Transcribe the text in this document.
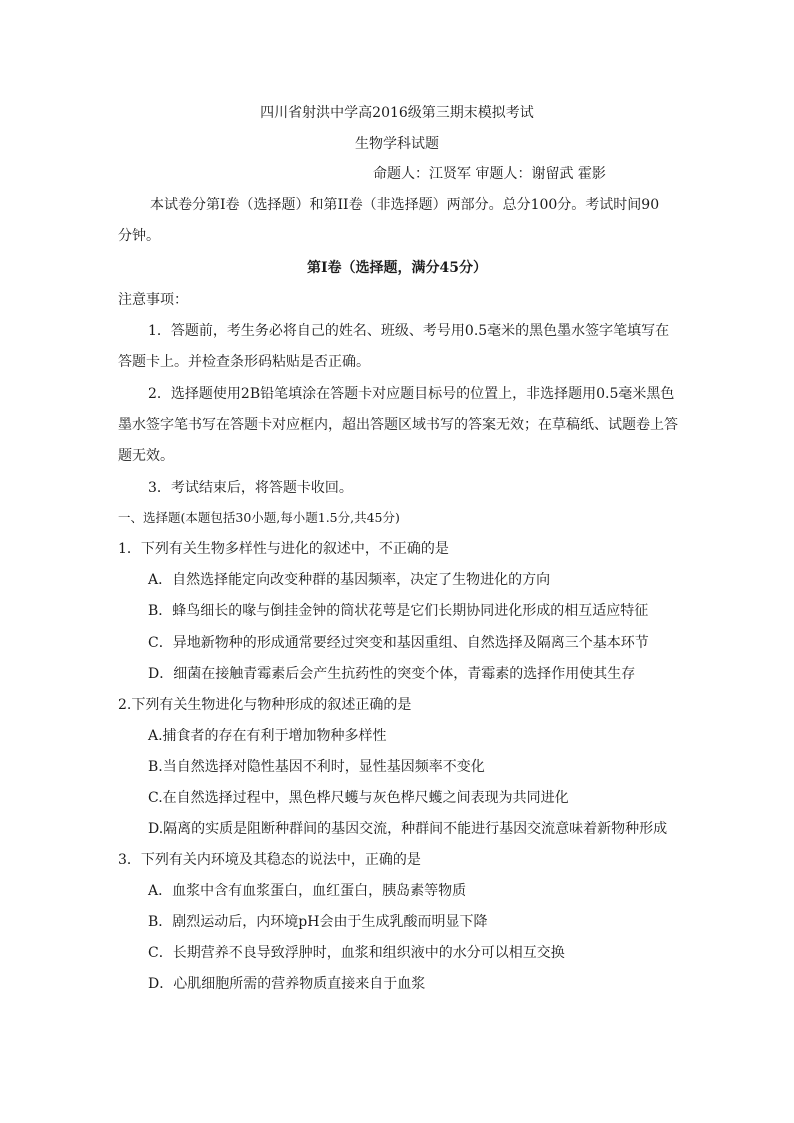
四川省射洪中学高2016级第三期末模拟考试
生物学科试题
命题人：江贤军 审题人：谢留武 霍影
本试卷分第Ⅰ卷（选择题）和第II卷（非选择题）两部分。总分100分。考试时间90
分钟。
第Ⅰ卷（选择题，满分45分）
注意事项：
1．答题前，考生务必将自己的姓名、班级、考号用0.5毫米的黑色墨水签字笔填写在
答题卡上。并检查条形码粘贴是否正确。
2．选择题使用2B铅笔填涂在答题卡对应题目标号的位置上，非选择题用0.5毫米黑色
墨水签字笔书写在答题卡对应框内，超出答题区域书写的答案无效；在草稿纸、试题卷上答
题无效。
3．考试结束后，将答题卡收回。
一、选择题(本题包括30小题,每小题1.5分,共45分)
1．下列有关生物多样性与进化的叙述中，不正确的是
A．自然选择能定向改变种群的基因频率，决定了生物进化的方向
B．蜂鸟细长的喙与倒挂金钟的筒状花萼是它们长期协同进化形成的相互适应特征
C．异地新物种的形成通常要经过突变和基因重组、自然选择及隔离三个基本环节
D．细菌在接触青霉素后会产生抗药性的突变个体，青霉素的选择作用使其生存
2.下列有关生物进化与物种形成的叙述正确的是
A.捕食者的存在有利于增加物种多样性
B.当自然选择对隐性基因不利时，显性基因频率不变化
C.在自然选择过程中，黑色桦尺蠖与灰色桦尺蠖之间表现为共同进化
D.隔离的实质是阻断种群间的基因交流，种群间不能进行基因交流意味着新物种形成
3．下列有关内环境及其稳态的说法中，正确的是
A．血浆中含有血浆蛋白，血红蛋白，胰岛素等物质
B．剧烈运动后，内环境pH会由于生成乳酸而明显下降
C．长期营养不良导致浮肿时，血浆和组织液中的水分可以相互交换
D．心肌细胞所需的营养物质直接来自于血浆
